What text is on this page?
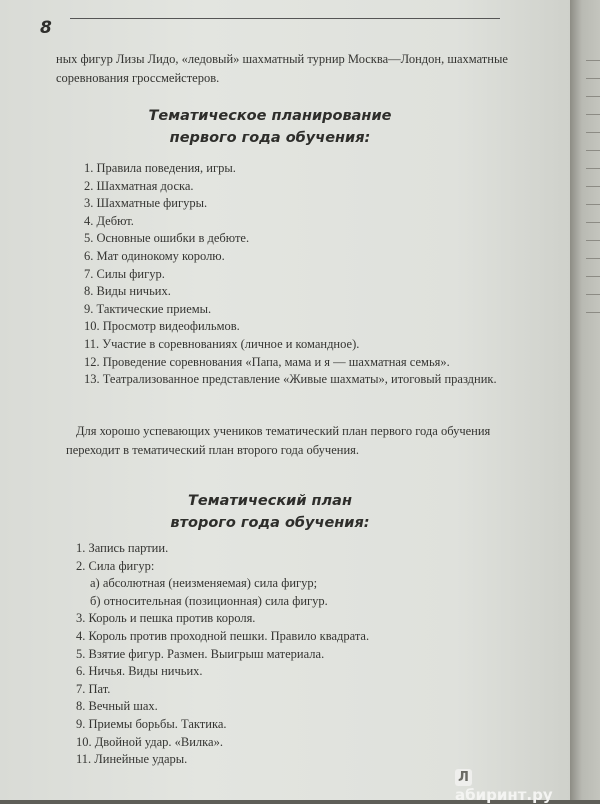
8
ных фигур Лизы Лидо, «ледовый» шахматный турнир Москва—Лондон, шахматные соревнования гроссмейстеров.
Тематическое планирование
первого года обучения:
1. Правила поведения, игры.
2. Шахматная доска.
3. Шахматные фигуры.
4. Дебют.
5. Основные ошибки в дебюте.
6. Мат одинокому королю.
7. Силы фигур.
8. Виды ничьих.
9. Тактические приемы.
10. Просмотр видеофильмов.
11. Участие в соревнованиях (личное и командное).
12. Проведение соревнования «Папа, мама и я — шахматная семья».
13. Театрализованное представление «Живые шахматы», итоговый праздник.
Для хорошо успевающих учеников тематический план первого года обучения переходит в тематический план второго года обучения.
Тематический план
второго года обучения:
1. Запись партии.
2. Сила фигур:
а) абсолютная (неизменяемая) сила фигур;
б) относительная (позиционная) сила фигур.
3. Король и пешка против короля.
4. Король против проходной пешки. Правило квадрата.
5. Взятие фигур. Размен. Выигрыш материала.
6. Ничья. Виды ничьих.
7. Пат.
8. Вечный шах.
9. Приемы борьбы. Тактика.
10. Двойной удар. «Вилка».
11. Линейные удары.
Лабиринт.ру
